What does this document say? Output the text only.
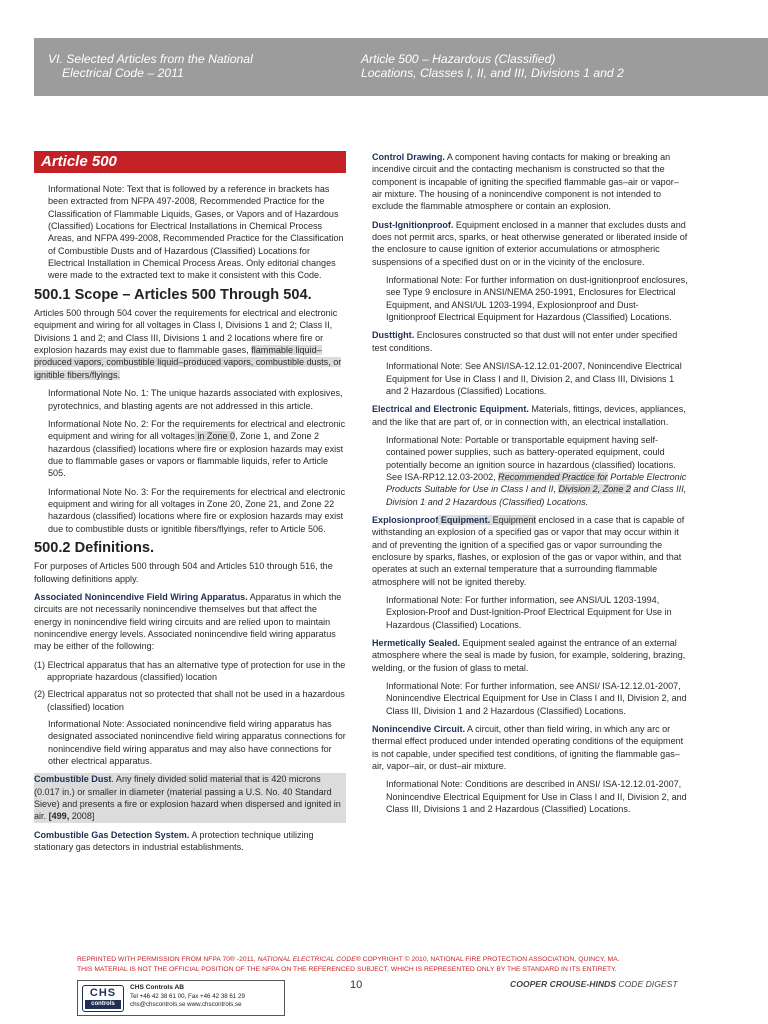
VI. Selected Articles from the National
Electrical Code – 2011
Article 500 – Hazardous (Classified)
Locations, Classes I, II, and III, Divisions 1 and 2
Article 500

Informational Note: Text that is followed by a reference in brackets has been extracted from NFPA 497-2008, Recommended Practice for the Classification of Flammable Liquids, Gases, or Vapors and of Hazardous (Classified) Locations for Electrical Installations in Chemical Process Areas, and NFPA 499-2008, Recommended Practice for the Classification of Combustible Dusts and of Hazardous (Classified) Locations for Electrical Installation in Chemical Process Areas. Only editorial changes were made to the extracted text to make it consistent with this Code.

500.1 Scope – Articles 500 Through 504.

Articles 500 through 504 cover the requirements for electrical and electronic equipment and wiring for all voltages in Class I, Divisions 1 and 2; Class II, Divisions 1 and 2; and Class III, Divisions 1 and 2 locations where fire or explosion hazards may exist due to flammable gases, flammable liquid–produced vapors, combustible liquid–produced vapors, combustible dusts, or ignitible fibers/flyings.

Informational Note No. 1: The unique hazards associated with explosives, pyrotechnics, and blasting agents are not addressed in this article.

Informational Note No. 2: For the requirements for electrical and electronic equipment and wiring for all voltages in Zone 0, Zone 1, and Zone 2 hazardous (classified) locations where fire or explosion hazards may exist due to flammable gases or vapors or flammable liquids, refer to Article 505.

Informational Note No. 3: For the requirements for electrical and electronic equipment and wiring for all voltages in Zone 20, Zone 21, and Zone 22 hazardous (classified) locations where fire or explosion hazards may exist due to combustible dusts or ignitible fibers/flyings, refer to Article 506.

500.2 Definitions.

For purposes of Articles 500 through 504 and Articles 510 through 516, the following definitions apply.

Associated Nonincendive Field Wiring Apparatus. Apparatus in which the circuits are not necessarily nonincendive themselves but that affect the energy in nonincendive field wiring circuits and are relied upon to maintain nonincendive energy levels. Associated nonincendive field wiring apparatus may be either of the following:

(1) Electrical apparatus that has an alternative type of protection for use in the appropriate hazardous (classified) location

(2) Electrical apparatus not so protected that shall not be used in a hazardous (classified) location

Informational Note: Associated nonincendive field wiring apparatus has designated associated nonincendive field wiring apparatus connections for nonincendive field wiring apparatus and may also have connections for other electrical apparatus.

Combustible Dust. Any finely divided solid material that is 420 microns (0.017 in.) or smaller in diameter (material passing a U.S. No. 40 Standard Sieve) and presents a fire or explosion hazard when dispersed and ignited in air. [499, 2008]

Combustible Gas Detection System. A protection technique utilizing stationary gas detectors in industrial establishments.

Control Drawing. A component having contacts for making or breaking an incendive circuit and the contacting mechanism is constructed so that the component is incapable of igniting the specified flammable gas–air or vapor–air mixture. The housing of a nonincendive component is not intended to exclude the flammable atmosphere or contain an explosion.

Dust-Ignitionproof. Equipment enclosed in a manner that excludes dusts and does not permit arcs, sparks, or heat otherwise generated or liberated inside of the enclosure to cause ignition of exterior accumulations or atmospheric suspensions of a specified dust on or in the vicinity of the enclosure.

Informational Note: For further information on dust-ignitionproof enclosures, see Type 9 enclosure in ANSI/NEMA 250-1991, Enclosures for Electrical Equipment, and ANSI/UL 1203-1994, Explosionproof and Dust-Ignitionproof Electrical Equipment for Hazardous (Classified) Locations.

Dusttight. Enclosures constructed so that dust will not enter under specified test conditions.

Informational Note: See ANSI/ISA-12.12.01-2007, Nonincendive Electrical Equipment for Use in Class I and II, Division 2, and Class III, Divisions 1 and 2 Hazardous (Classified) Locations.

Electrical and Electronic Equipment. Materials, fittings, devices, appliances, and the like that are part of, or in connection with, an electrical installation.

Informational Note: Portable or transportable equipment having self-contained power supplies, such as battery-operated equipment, could potentially become an ignition source in hazardous (classified) locations. See ISA-RP12.12.03-2002, Recommended Practice for Portable Electronic Products Suitable for Use in Class I and II, Division 2, Zone 2 and Class III, Division 1 and 2 Hazardous (Classified) Locations.

Explosionproof Equipment. Equipment enclosed in a case that is capable of withstanding an explosion of a specified gas or vapor that may occur within it and of preventing the ignition of a specified gas or vapor surrounding the enclosure by sparks, flashes, or explosion of the gas or vapor within, and that operates at such an external temperature that a surrounding flammable atmosphere will not be ignited thereby.

Informational Note: For further information, see ANSI/UL 1203-1994, Explosion-Proof and Dust-Ignition-Proof Electrical Equipment for Use in Hazardous (Classified) Locations.

Hermetically Sealed. Equipment sealed against the entrance of an external atmosphere where the seal is made by fusion, for example, soldering, brazing, welding, or the fusion of glass to metal.

Informational Note: For further information, see ANSI/ ISA-12.12.01-2007, Nonincendive Electrical Equipment for Use in Class I and II, Division 2, and Class III, Division 1 and 2 Hazardous (Classified) Locations.

Nonincendive Circuit. A circuit, other than field wiring, in which any arc or thermal effect produced under intended operating conditions of the equipment is not capable, under specified test conditions, of igniting the flammable gas–air, vapor–air, or dust–air mixture.

Informational Note: Conditions are described in ANSI/ ISA-12.12.01-2007, Nonincendive Electrical Equipment for Use in Class I and II, Division 2, and Class III, Divisions 1 and 2 Hazardous (Classified) Locations.

REPRINTED WITH PERMISSION FROM NFPA 70® -2011, NATIONAL ELECTRICAL CODE® COPYRIGHT © 2010, NATIONAL FIRE PROTECTION ASSOCIATION, QUINCY, MA.
THIS MATERIAL IS NOT THE OFFICIAL POSITION OF THE NFPA ON THE REFERENCED SUBJECT, WHICH IS REPRESENTED ONLY BY THE STANDARD IN ITS ENTIRETY.
CHS
controls
CHS Controls AB
Tel +46 42 38 61 00, Fax +46 42 38 61 29
chs@chscontrols.se www.chscontrols.se
10	COOPER CROUSE-HINDS CODE DIGEST
